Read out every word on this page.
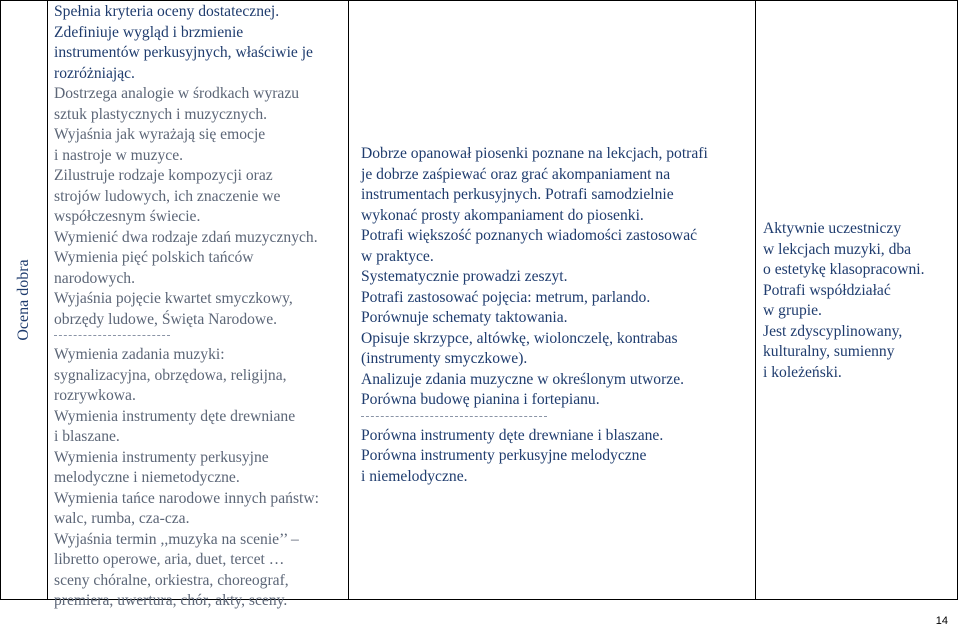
Ocena dobra
Spełnia kryteria oceny dostatecznej.
Zdefiniuje wygląd i brzmienie
instrumentów perkusyjnych, właściwie je
rozróżniając.
Dostrzega analogie w środkach wyrazu
sztuk plastycznych i muzycznych.
Wyjaśnia jak wyrażają się emocje
i nastroje w muzyce.
Zilustruje rodzaje kompozycji oraz
strojów ludowych, ich znaczenie we
współczesnym świecie.
Wymienić dwa rodzaje zdań muzycznych.
Wymienia pięć polskich tańców
narodowych.
Wyjaśnia pojęcie kwartet smyczkowy,
obrzędy ludowe, Święta Narodowe.
Wymienia zadania muzyki:
sygnalizacyjna, obrzędowa, religijna,
rozrywkowa.
Wymienia instrumenty dęte drewniane
i blaszane.
Wymienia instrumenty perkusyjne
melodyczne i niemetodyczne.
Wymienia tańce narodowe innych państw:
walc, rumba, cza-cza.
Wyjaśnia termin ,,muzyka na scenie’’ –
libretto operowe, aria, duet, tercet …
sceny chóralne, orkiestra, choreograf,
premiera, uwertura, chór, akty, sceny.
Dobrze opanował piosenki poznane na lekcjach, potrafi
je dobrze zaśpiewać oraz grać akompaniament na
instrumentach perkusyjnych. Potrafi samodzielnie
wykonać prosty akompaniament do piosenki.
Potrafi większość poznanych wiadomości zastosować
w praktyce.
Systematycznie prowadzi zeszyt.
Potrafi zastosować pojęcia: metrum, parlando.
Porównuje schematy taktowania.
Opisuje skrzypce, altówkę, wiolonczelę, kontrabas
(instrumenty smyczkowe).
Analizuje zdania muzyczne w określonym utworze.
Porówna budowę pianina i fortepianu.
Porówna instrumenty dęte drewniane i blaszane.
Porówna instrumenty perkusyjne melodyczne
i niemelodyczne.
Aktywnie uczestniczy
w lekcjach muzyki, dba
o estetykę klasopracowni.
Potrafi współdziałać
w grupie.
Jest zdyscyplinowany,
kulturalny, sumienny
i koleżeński.
14
